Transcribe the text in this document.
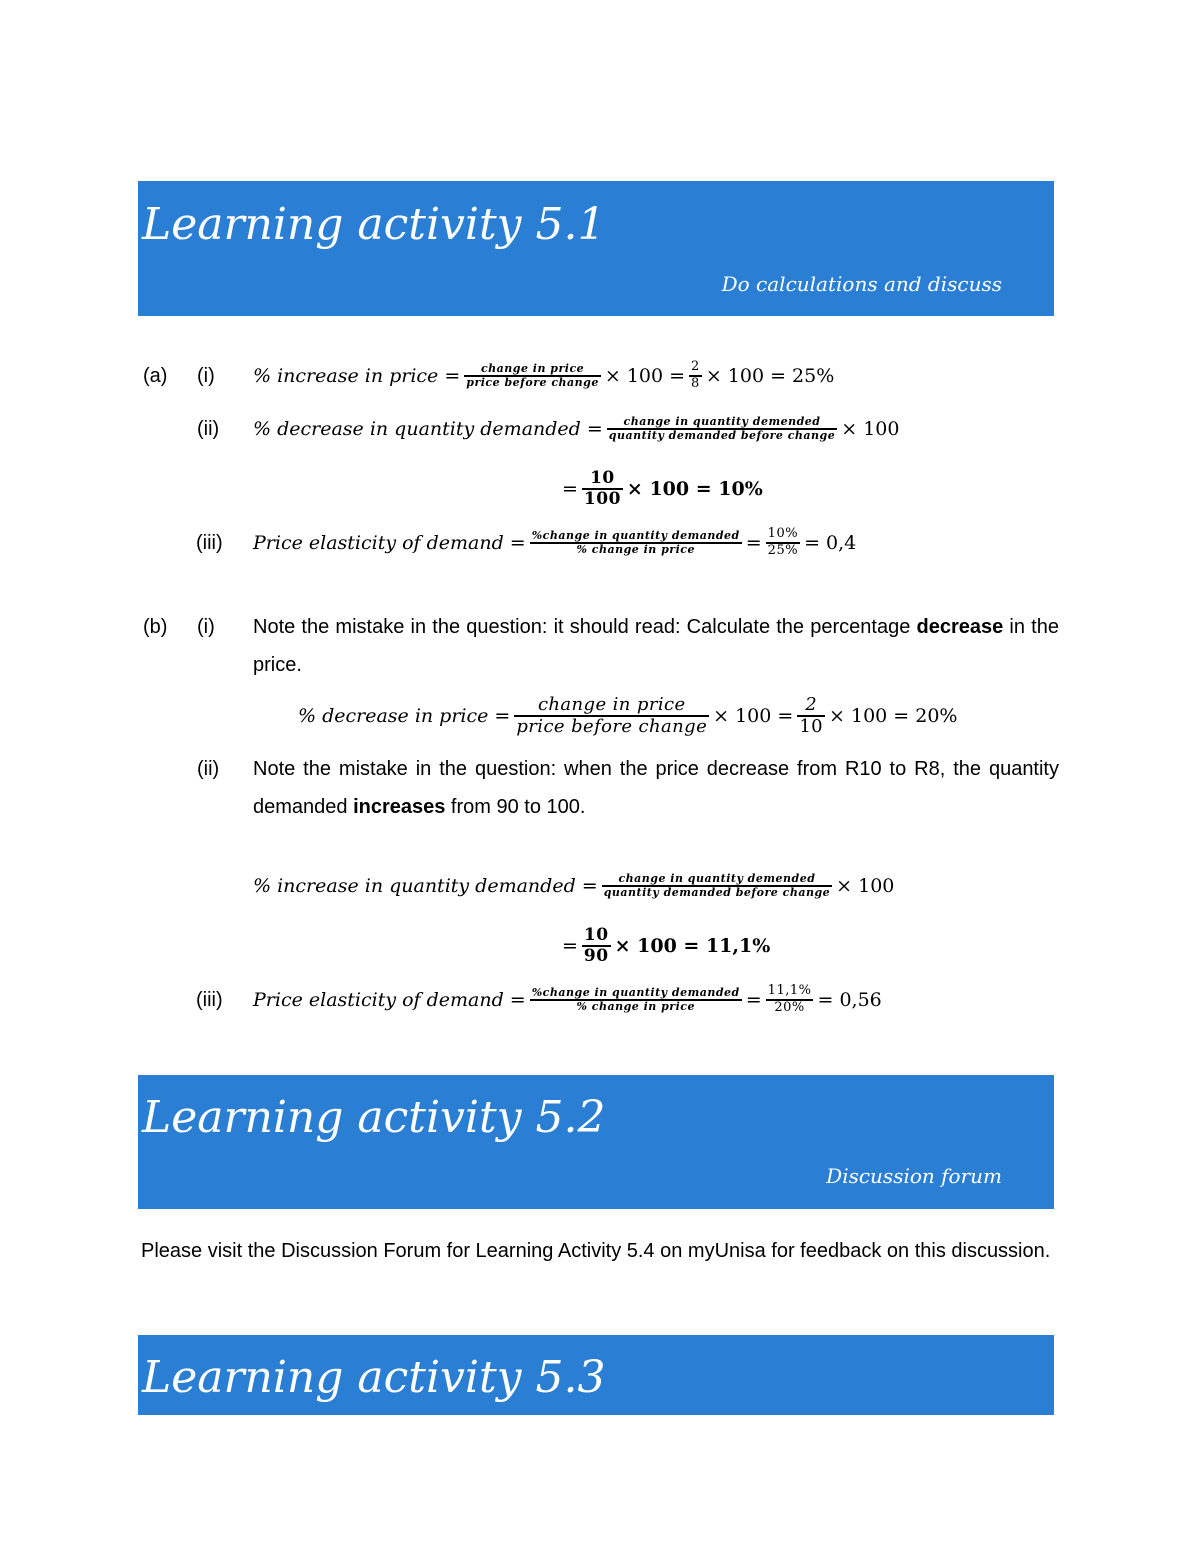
Learning activity 5.1
Do calculations and discuss
(a) (i) % increase in price = $\frac{\text{change in price}}{\text{price before change}} \times 100 = \frac{2}{8} \times 100 = 25\%$
(ii) % decrease in quantity demanded = $\frac{\text{change in quantity demended}}{\text{quantity demanded before change}} \times 100$
= $\frac{10}{100} \times 100 = 10\%$
(iii) Price elasticity of demand = $\frac{\text{\%change in quantity demanded}}{\text{\% change in price}} = \frac{10\%}{25\%} = 0,4$
(b) (i) Note the mistake in the question: it should read: Calculate the percentage decrease in the price.
% decrease in price = $\frac{\text{change in price}}{\text{price before change}} \times 100 = \frac{2}{10} \times 100 = 20\%$
(ii) Note the mistake in the question: when the price decrease from R10 to R8, the quantity demanded increases from 90 to 100.
% increase in quantity demanded = $\frac{\text{change in quantity demended}}{\text{quantity demanded before change}} \times 100$
= $\frac{10}{90} \times 100 = 11,1\%$
(iii) Price elasticity of demand = $\frac{\text{\%change in quantity demanded}}{\text{\% change in price}} = \frac{11,1\%}{20\%} = 0,56$
Learning activity 5.2
Discussion forum
Please visit the Discussion Forum for Learning Activity 5.4 on myUnisa for feedback on this discussion.
Learning activity 5.3
